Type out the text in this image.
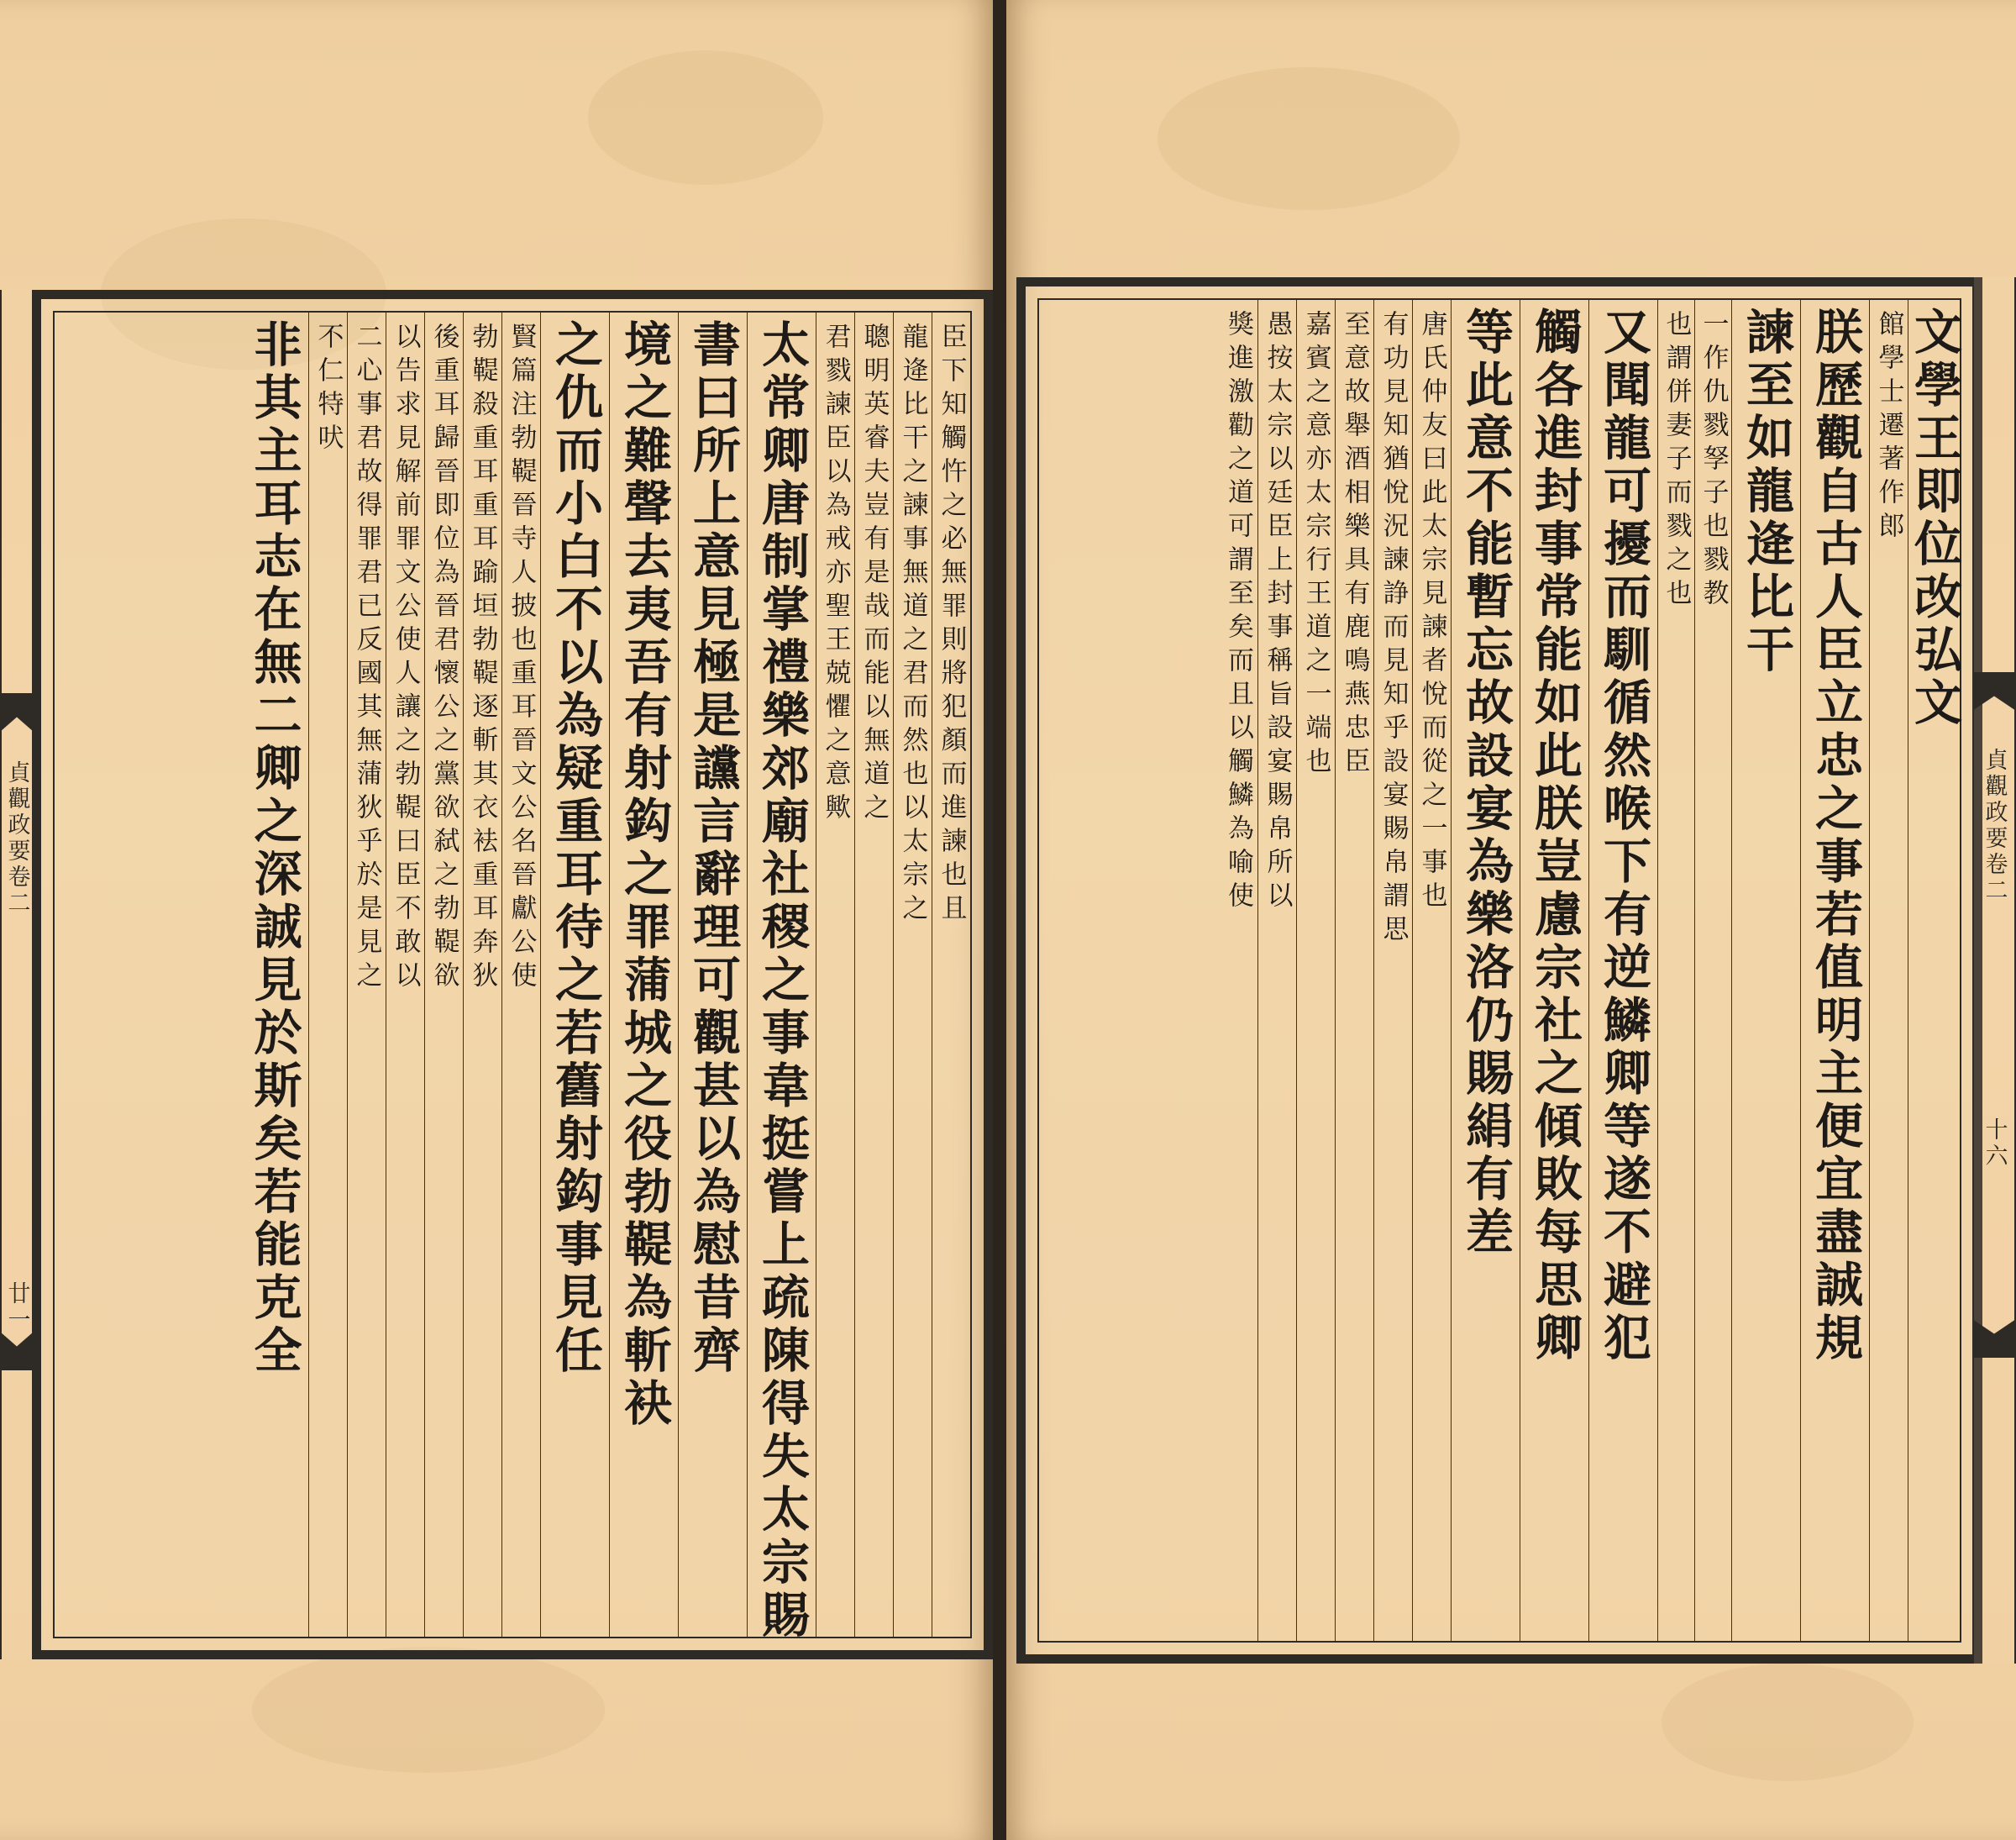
臣下知觸忤之必無罪則將犯顏而進諫也且
龍逄比干之諫事無道之君而然也以太宗之
聰明英睿夫豈有是哉而能以無道之
君戮諫臣以為戒亦聖王兢懼之意歟
太常卿唐制掌禮樂郊廟社稷之事韋挺嘗上疏陳得失太宗賜
書曰所上意見極是讜言辭理可觀甚以為慰昔齊
境之難聲去夷吾有射鈎之罪蒲城之役勃鞮為斬袂
之仇而小白不以為疑重耳待之若舊射鈎事見任
賢篇注勃鞮晉寺人披也重耳晉文公名晉獻公使
勃鞮殺重耳重耳踰垣勃鞮逐斬其衣袪重耳奔狄
後重耳歸晉即位為晉君懷公之黨欲弑之勃鞮欲
以告求見解前罪文公使人讓之勃鞮曰臣不敢以
二心事君故得罪君已反國其無蒲狄乎於是見之
不仁特吠
非其主耳志在無二卿之深誠見於斯矣若能克全	文學王即位改弘文
館學士遷著作郎
朕歷觀自古人臣立忠之事若值明主便宜盡誠規
諫至如龍逄比干
一作仇戮孥子也戮教
也謂併妻子而戮之也
又聞龍可擾而馴循然喉下有逆鱗卿等遂不避犯
觸各進封事常能如此朕豈慮宗社之傾敗每思卿
等此意不能暫忘故設宴為樂洛仍賜絹有差
唐氏仲友曰此太宗見諫者悅而從之一事也
有功見知猶悅況諫諍而見知乎設宴賜帛謂思
至意故舉酒相樂具有鹿鳴燕忠臣
嘉賓之意亦太宗行王道之一端也
愚按太宗以廷臣上封事稱旨設宴賜帛所以
獎進激勸之道可謂至矣而且以觸鱗為喻使
貞觀政要卷二
廿一
貞觀政要卷二
十六
